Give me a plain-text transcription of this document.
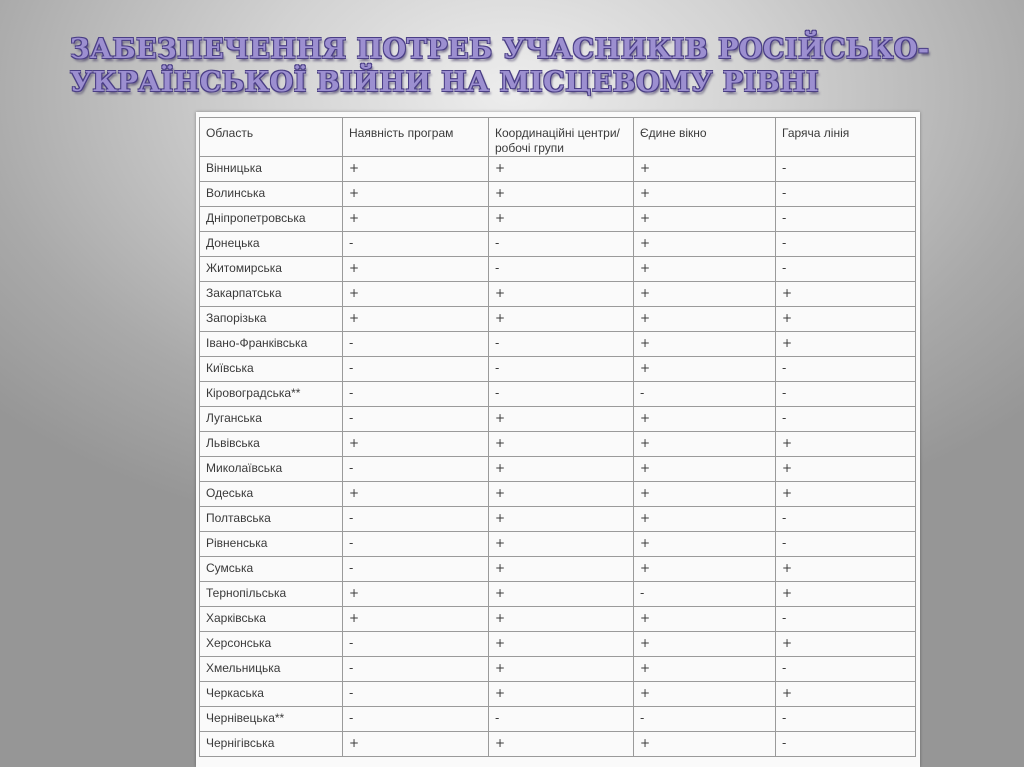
ЗАБЕЗПЕЧЕННЯ ПОТРЕБ УЧАСНИКІВ РОСІЙСЬКО-
УКРАЇНСЬКОЇ ВІЙНИ НА МІСЦЕВОМУ РІВНІ
Область	Наявність програм	Координаційні центри/робочі групи	Єдине вікно	Гаряча лінія
Вінницька	+	+	+	-
Волинська	+	+	+	-
Дніпропетровська	+	+	+	-
Донецька	-	-	+	-
Житомирська	+	-	+	-
Закарпатська	+	+	+	+
Запорізька	+	+	+	+
Івано-Франківська	-	-	+	+
Київська	-	-	+	-
Кіровоградська**	-	-	-	-
Луганська	-	+	+	-
Львівська	+	+	+	+
Миколаївська	-	+	+	+
Одеська	+	+	+	+
Полтавська	-	+	+	-
Рівненська	-	+	+	-
Сумська	-	+	+	+
Тернопільська	+	+	-	+
Харківська	+	+	+	-
Херсонська	-	+	+	+
Хмельницька	-	+	+	-
Черкаська	-	+	+	+
Чернівецька**	-	-	-	-
Чернігівська	+	+	+	-
